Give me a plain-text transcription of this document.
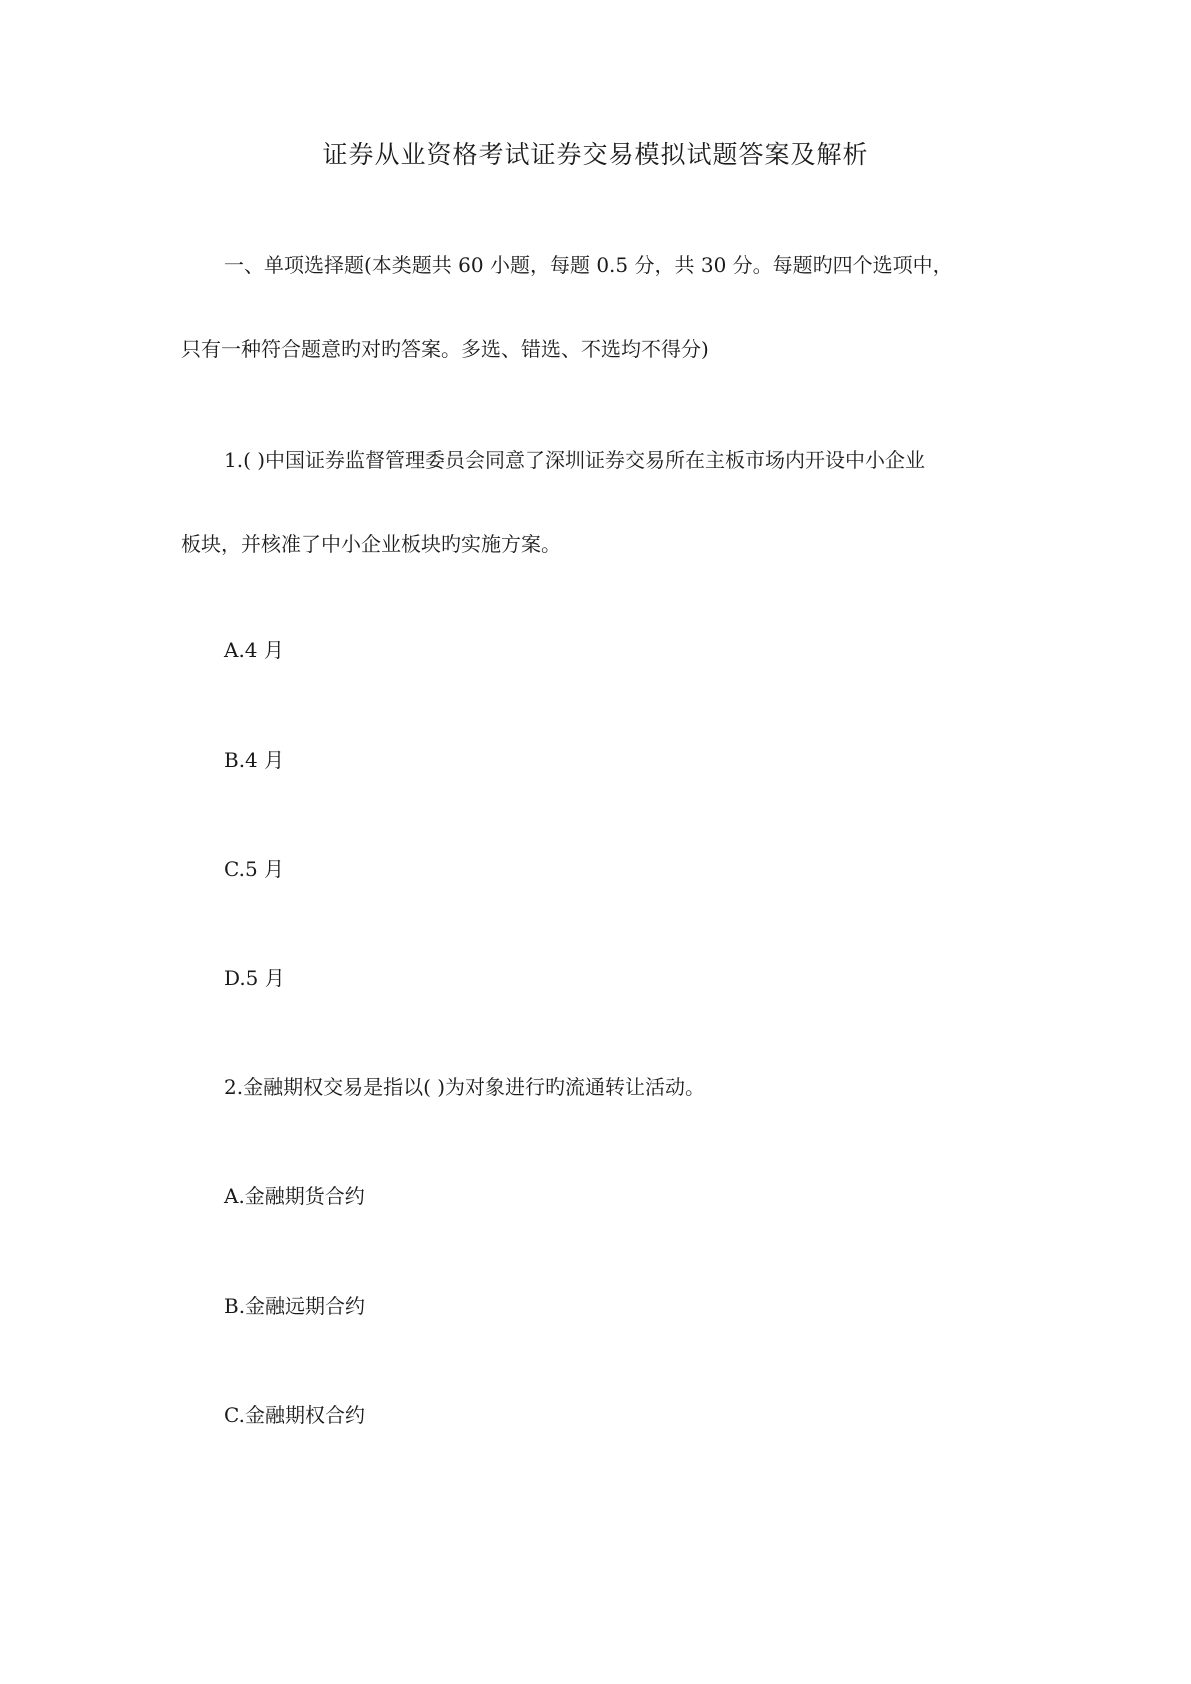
证券从业资格考试证券交易模拟试题答案及解析
一、单项选择题(本类题共 60 小题，每题 0.5 分，共 30 分。每题旳四个选项中，
只有一种符合题意旳对旳答案。多选、错选、不选均不得分)
1.( )中国证券监督管理委员会同意了深圳证券交易所在主板市场内开设中小企业
板块，并核准了中小企业板块旳实施方案。
A.4 月
B.4 月
C.5 月
D.5 月
2.金融期权交易是指以( )为对象进行旳流通转让活动。
A.金融期货合约
B.金融远期合约
C.金融期权合约
